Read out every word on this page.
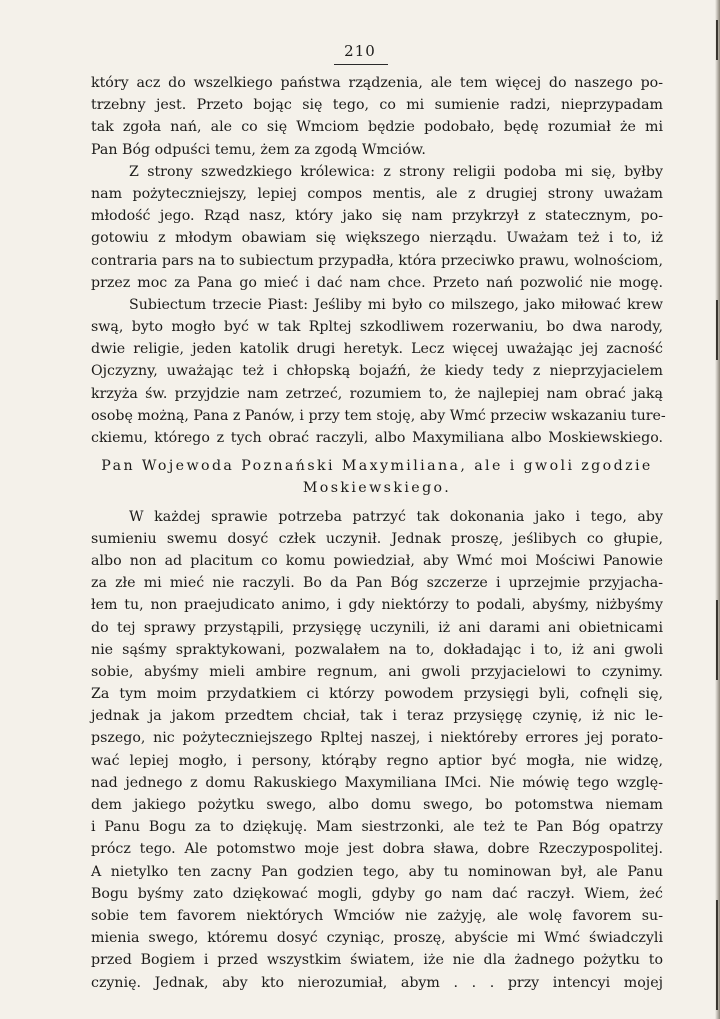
210
który acz do wszelkiego państwa rządzenia, ale tem więcej do naszego po-
trzebny jest. Przeto bojąc się tego, co mi sumienie radzi, nieprzypadam
tak zgoła nań, ale co się Wmciom będzie podobało, będę rozumiał że mi
Pan Bóg odpuści temu, żem za zgodą Wmciów.
Z strony szwedzkiego królewica: z strony religii podoba mi się, byłby
nam pożyteczniejszy, lepiej compos mentis, ale z drugiej strony uważam
młodość jego. Rząd nasz, który jako się nam przykrzył z statecznym, po-
gotowiu z młodym obawiam się większego nierządu. Uważam też i to, iż
contraria pars na to subiectum przypadła, która przeciwko prawu, wolnościom,
przez moc za Pana go mieć i dać nam chce. Przeto nań pozwolić nie mogę.
Subiectum trzecie Piast: Jeśliby mi było co milszego, jako miłować krew
swą, byto mogło być w tak Rpltej szkodliwem rozerwaniu, bo dwa narody,
dwie religie, jeden katolik drugi heretyk. Lecz więcej uważając jej zacność
Ojczyzny, uważając też i chłopską bojaźń, że kiedy tedy z nieprzyjacielem
krzyża św. przyjdzie nam zetrzeć, rozumiem to, że najlepiej nam obrać jaką
osobę możną, Pana z Panów, i przy tem stoję, aby Wmć przeciw wskazaniu ture-
ckiemu, którego z tych obrać raczyli, albo Maxymiliana albo Moskiewskiego.
Pan Wojewoda Poznański Maxymiliana, ale i gwoli zgodzie
Moskiewskiego.
W każdej sprawie potrzeba patrzyć tak dokonania jako i tego, aby
sumieniu swemu dosyć człek uczynił. Jednak proszę, jeślibych co głupie,
albo non ad placitum co komu powiedział, aby Wmć moi Mościwi Panowie
za złe mi mieć nie raczyli. Bo da Pan Bóg szczerze i uprzejmie przyjacha-
łem tu, non praejudicato animo, i gdy niektórzy to podali, abyśmy, niżbyśmy
do tej sprawy przystąpili, przysięgę uczynili, iż ani darami ani obietnicami
nie sąśmy spraktykowani, pozwalałem na to, dokładając i to, iż ani gwoli
sobie, abyśmy mieli ambire regnum, ani gwoli przyjacielowi to czynimy.
Za tym moim przydatkiem ci którzy powodem przysięgi byli, cofnęli się,
jednak ja jakom przedtem chciał, tak i teraz przysięgę czynię, iż nic le-
pszego, nic pożyteczniejszego Rpltej naszej, i niektóreby errores jej porato-
wać lepiej mogło, i persony, którąby regno aptior być mogła, nie widzę,
nad jednego z domu Rakuskiego Maxymiliana IMci. Nie mówię tego wzglę-
dem jakiego pożytku swego, albo domu swego, bo potomstwa niemam
i Panu Bogu za to dziękuję. Mam siestrzonki, ale też te Pan Bóg opatrzy
prócz tego. Ale potomstwo moje jest dobra sława, dobre Rzeczypospolitej.
A nietylko ten zacny Pan godzien tego, aby tu nominowan był, ale Panu
Bogu byśmy zato dziękować mogli, gdyby go nam dać raczył. Wiem, żeć
sobie tem favorem niektórych Wmciów nie zażyję, ale wolę favorem su-
mienia swego, któremu dosyć czyniąc, proszę, abyście mi Wmć świadczyli
przed Bogiem i przed wszystkim światem, iże nie dla żadnego pożytku to
czynię. Jednak, aby kto nierozumiał, abym . . . przy intencyi mojej
